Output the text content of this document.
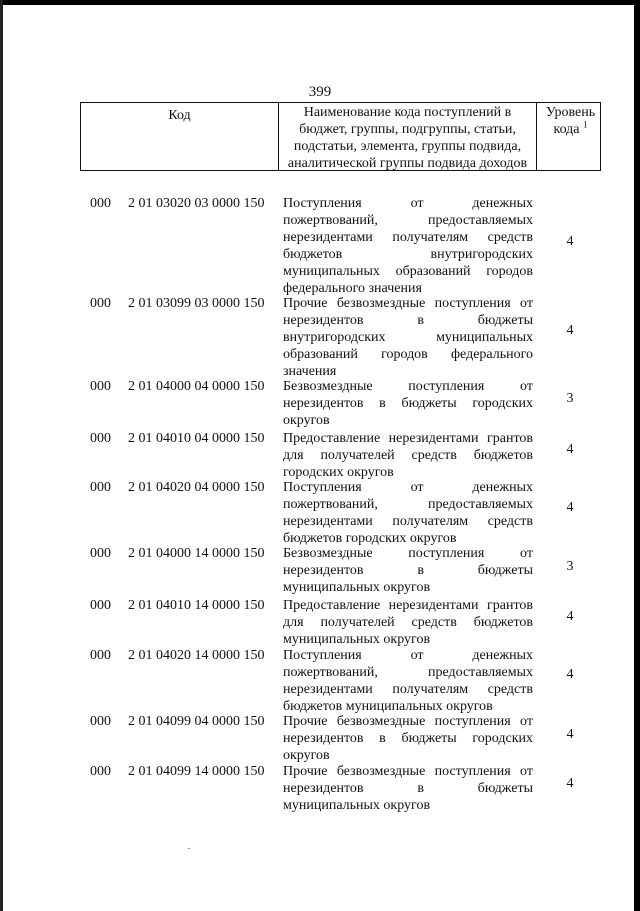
399
Код	Наименование кода поступлений в
бюджет, группы, подгруппы, статьи,
подстатьи, элемента, группы подвида,
аналитической группы подвида доходов
Уровень
кода $^1$
000 2 01 03020 03 0000 150 Поступления от денежных
пожертвований, предоставляемых
нерезидентами получателям средств
бюджетов внутригородских
муниципальных образований городов
федерального значения
4
000 2 01 03099 03 0000 150 Прочие безвозмездные поступления от
нерезидентов в бюджеты
внутригородских муниципальных
образований городов федерального
значения
4
000 2 01 04000 04 0000 150 Безвозмездные поступления от
нерезидентов в бюджеты городских
округов
3
000 2 01 04010 04 0000 150 Предоставление нерезидентами грантов
для получателей средств бюджетов
городских округов
4
000 2 01 04020 04 0000 150 Поступления от денежных
пожертвований, предоставляемых
нерезидентами получателям средств
бюджетов городских округов
4
000 2 01 04000 14 0000 150 Безвозмездные поступления от
нерезидентов в бюджеты
муниципальных округов
3
000 2 01 04010 14 0000 150 Предоставление нерезидентами грантов
для получателей средств бюджетов
муниципальных округов
4
000 2 01 04020 14 0000 150 Поступления от денежных
пожертвований, предоставляемых
нерезидентами получателям средств
бюджетов муниципальных округов
4
000 2 01 04099 04 0000 150 Прочие безвозмездные поступления от
нерезидентов в бюджеты городских
округов
4
000 2 01 04099 14 0000 150 Прочие безвозмездные поступления от
нерезидентов в бюджеты
муниципальных округов
4
